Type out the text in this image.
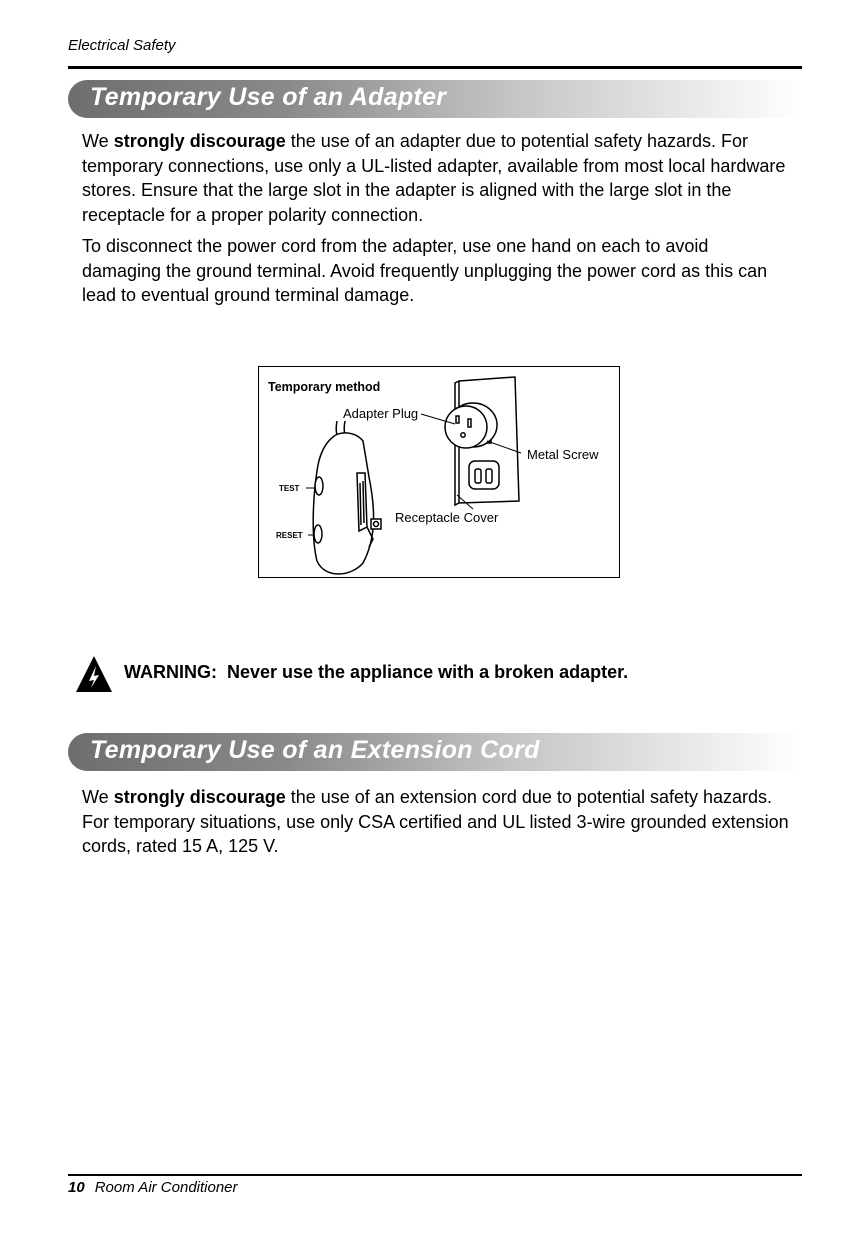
Electrical Safety
Temporary Use of an Adapter

We strongly discourage the use of an adapter due to potential safety hazards. For temporary connections, use only a UL-listed adapter, available from most local hardware stores. Ensure that the large slot in the adapter is aligned with the large slot in the receptacle for a proper polarity connection.

To disconnect the power cord from the adapter, use one hand on each to avoid damaging the ground terminal. Avoid frequently unplugging the power cord as this can lead to eventual ground terminal damage.

Temporary method
Adapter Plug
Metal Screw
Receptacle Cover
TEST
RESET
WARNING: Never use the appliance with a broken adapter.
Temporary Use of an Extension Cord

We strongly discourage the use of an extension cord due to potential safety hazards. For temporary situations, use only CSA certified and UL listed 3-wire grounded extension cords, rated 15 A, 125 V.

10 Room Air Conditioner
